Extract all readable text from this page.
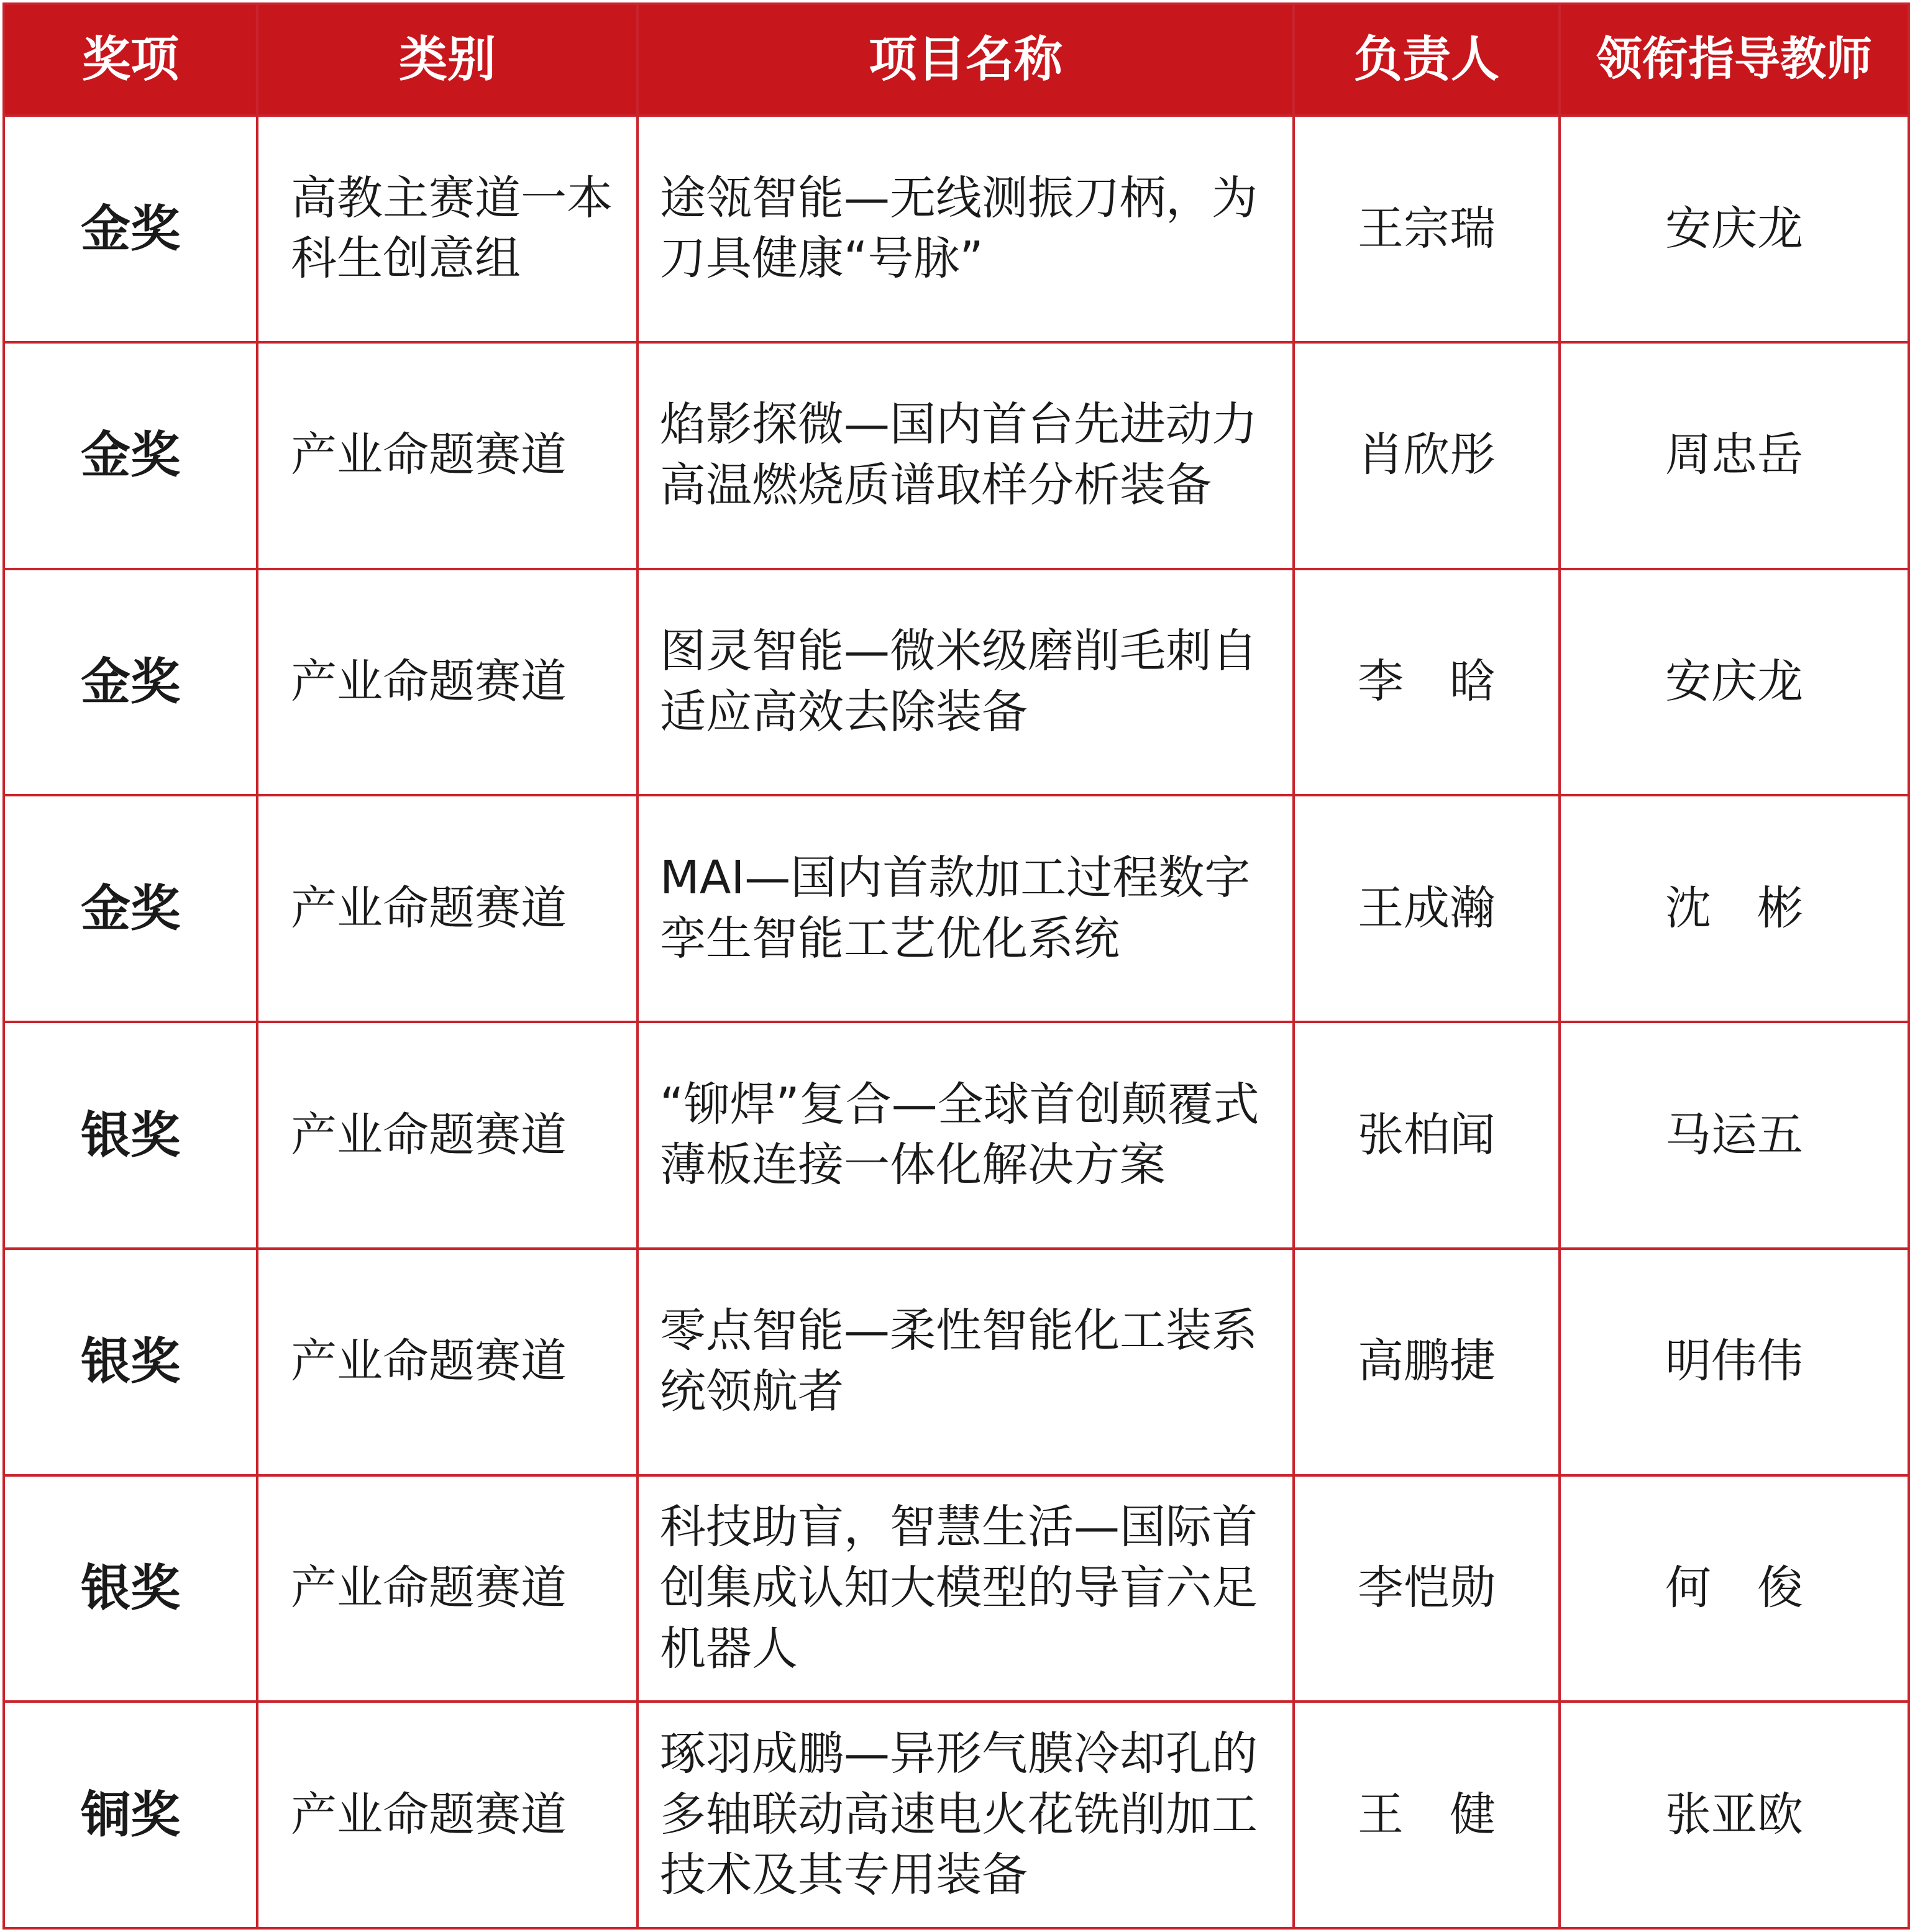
奖项	类别	项目名称	负责人	领衔指导教师
金奖	高教主赛道一本科生创意组	途瓴智能—无线测振刀柄，为刀具健康“号脉”	王宗瑞	安庆龙
金奖	产业命题赛道	焰影探微—国内首台先进动力高温燃烧质谱取样分析装备	肖欣彤	周忠岳
金奖	产业命题赛道	图灵智能—微米级磨削毛刺自适应高效去除装备	李　晗	安庆龙
金奖	产业命题赛道	MAI—国内首款加工过程数字孪生智能工艺优化系统	王成瀚	沈　彬
银奖	产业命题赛道	“铆焊”复合—全球首创颠覆式薄板连接一体化解决方案	张柏闻	马运五
银奖	产业命题赛道	零点智能—柔性智能化工装系统领航者	高鹏捷	明伟伟
银奖	产业命题赛道	科技助盲，智慧生活—国际首创集成认知大模型的导盲六足机器人	李恺勋	何　俊
铜奖	产业命题赛道	琢羽成鹏—异形气膜冷却孔的多轴联动高速电火花铣削加工技术及其专用装备	王　健	张亚欧
